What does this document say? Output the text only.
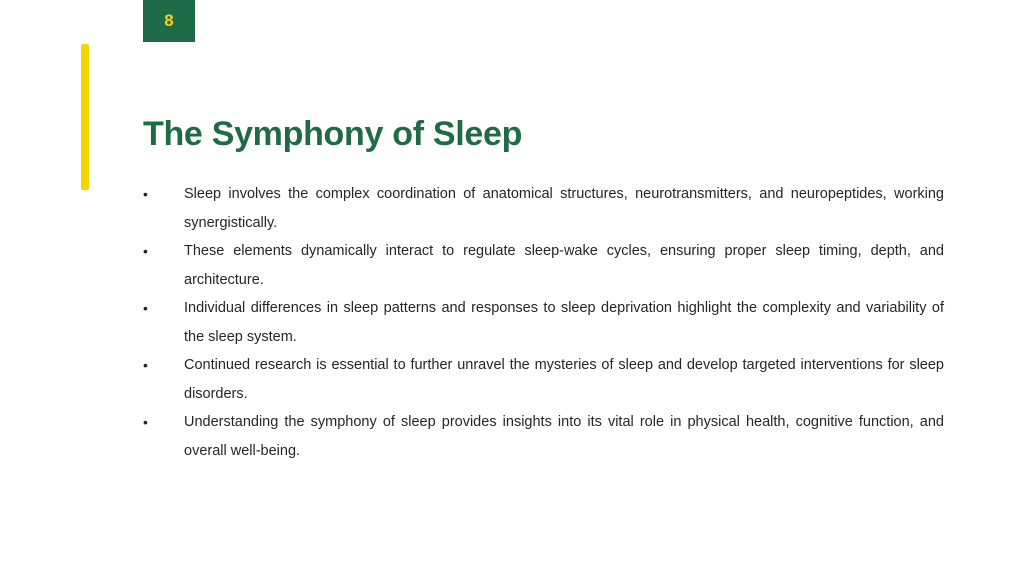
8
The Symphony of Sleep
• Sleep involves the complex coordination of anatomical structures, neurotransmitters, and neuropeptides, working synergistically.
• These elements dynamically interact to regulate sleep-wake cycles, ensuring proper sleep timing, depth, and architecture.
• Individual differences in sleep patterns and responses to sleep deprivation highlight the complexity and variability of the sleep system.
• Continued research is essential to further unravel the mysteries of sleep and develop targeted interventions for sleep disorders.
• Understanding the symphony of sleep provides insights into its vital role in physical health, cognitive function, and overall well-being.
